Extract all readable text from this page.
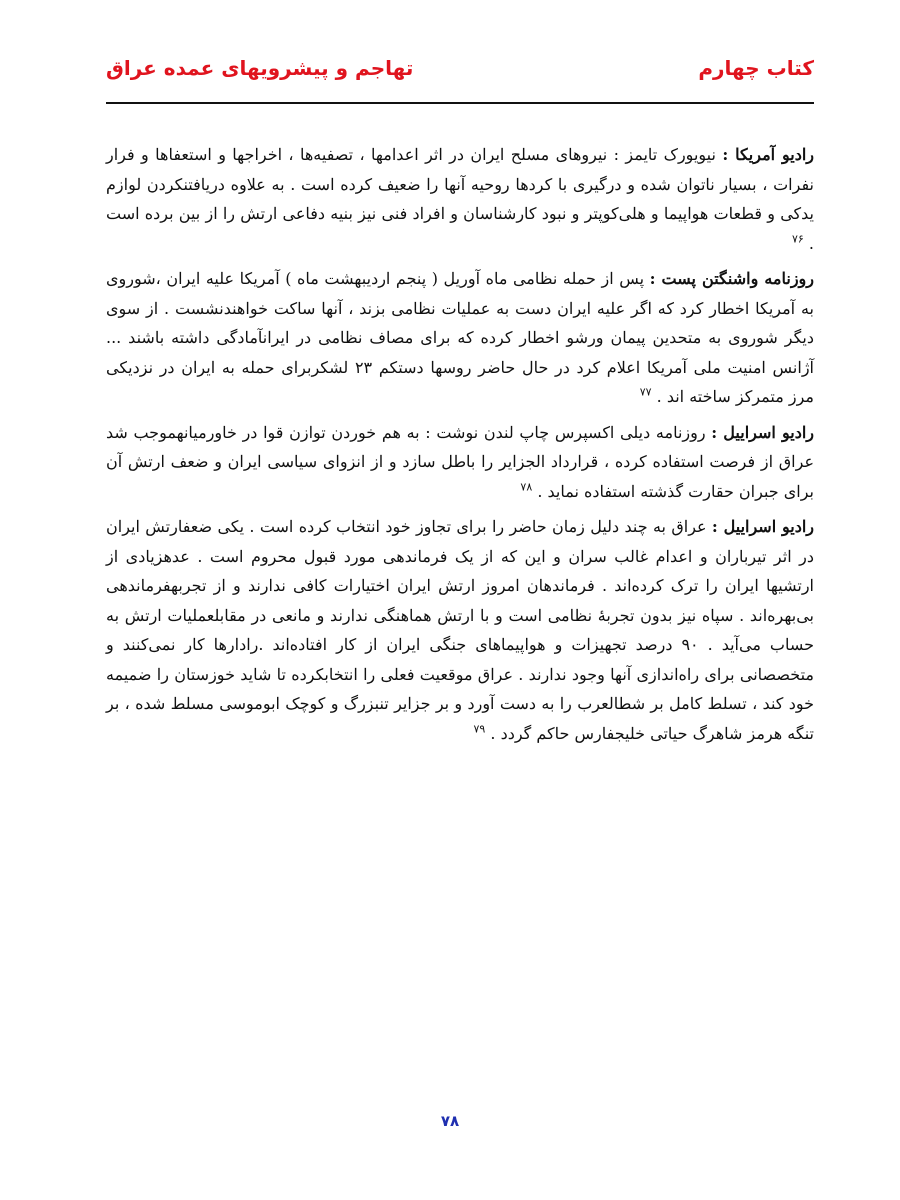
کتاب چهارم
تهاجم و پیشرویهای عمده عراق

رادیو آمریکا : نیویورک تایمز : نیروهای مسلح ایران در اثر اعدامها ، تصفیه‌ها ، اخراجها و استعفاها و فرار نفرات ، بسیار ناتوان شده و درگیری با کردها روحیه آنها را ضعیف کرده است . به علاوه دریافتنکردن لوازم یدکی و قطعات هواپیما و هلی‌کوپتر و نبود کارشناسان و افراد فنی نیز بنیه دفاعی ارتش را از بین برده است . $^{۷۶}$

روزنامه واشنگتن پست : پس از حمله نظامی ماه آوریل ( پنجم اردیبهشت ماه ) آمریکا علیه ایران ،شوروی به آمریکا اخطار کرد که اگر علیه ایران دست به عملیات نظامی بزند ، آنها ساکت خواهندنشست . از سوی دیگر شوروی به متحدین پیمان ورشو اخطار کرده که برای مصاف نظامی در ایرانآمادگی داشته باشند ... آژانس امنیت ملی آمریکا اعلام کرد در حال حاضر روسها دستکم ۲۳ لشکربرای حمله به ایران در نزدیکی مرز متمرکز ساخته اند . $^{۷۷}$

رادیو اسراییل : روزنامه دیلی اکسپرس چاپ لندن نوشت : به هم خوردن توازن قوا در خاورمیانهموجب شد عراق از فرصت استفاده کرده ، قرارداد الجزایر را باطل سازد و از انزوای سیاسی ایران و ضعف ارتش آن برای جبران حقارت گذشته استفاده نماید . $^{۷۸}$

رادیو اسراییل : عراق به چند دلیل زمان حاضر را برای تجاوز خود انتخاب کرده است . یکی ضعفارتش ایران در اثر تیرباران و اعدام غالب سران و این که از یک فرماندهی مورد قبول محروم است . عدهزیادی از ارتشیها ایران را ترک کرده‌اند . فرماندهان امروز ارتش ایران اختیارات کافی ندارند و از تجربهفرماندهی بی‌بهره‌اند . سپاه نیز بدون تجربۀ نظامی است و با ارتش هماهنگی ندارند و مانعی در مقابلعملیات ارتش به حساب می‌آید . ۹۰ درصد تجهیزات و هواپیماهای جنگی ایران از کار افتاده‌اند .رادارها کار نمی‌کنند و متخصصانی برای راه‌اندازی آنها وجود ندارند . عراق موقعیت فعلی را انتخابکرده تا شاید خوزستان را ضمیمه خود کند ، تسلط کامل بر شطالعرب را به دست آورد و بر جزایر تنبزرگ و کوچک ابوموسی مسلط شده ، بر تنگه هرمز شاهرگ حیاتی خلیجفارس حاکم گردد . $^{۷۹}$

۷۸
